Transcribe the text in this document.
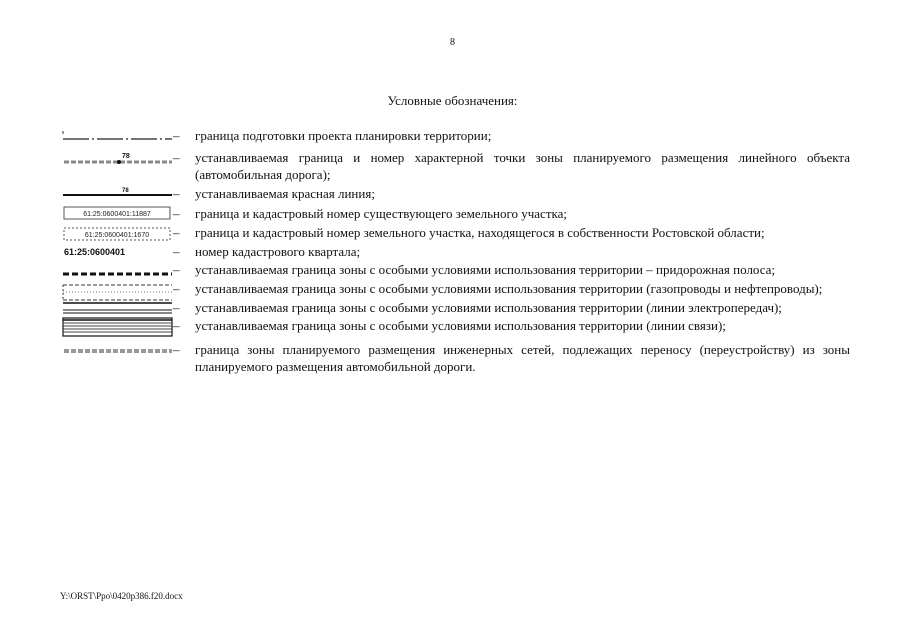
8
Условные обозначения:
–	граница подготовки проекта планировки территории;
78	–	устанавливаемая граница и номер характерной точки зоны планируемого размещения линейного объекта (автомобильная дорога);
78	–	устанавливаемая красная линия;
61:25:0600401:11887 –	граница и кадастровый номер существующего земельного участка;
61:25:0600401:1670 –	граница и кадастровый номер земельного участка, находящегося в собственности Ростовской области;
61:25:0600401	–	номер кадастрового квартала;
–	устанавливаемая граница зоны с особыми условиями использования территории – придорожная полоса;
–	устанавливаемая граница зоны с особыми условиями использования территории (газопроводы и нефтепроводы);
–	устанавливаемая граница зоны с особыми условиями использования территории (линии электропередач);
–	устанавливаемая граница зоны с особыми условиями использования территории (линии связи);
–	граница зоны планируемого размещения инженерных сетей, подлежащих переносу (переустройству) из зоны планируемого размещения автомобильной дороги.
Y:\ORST\Ppo\0420p386.f20.docx
